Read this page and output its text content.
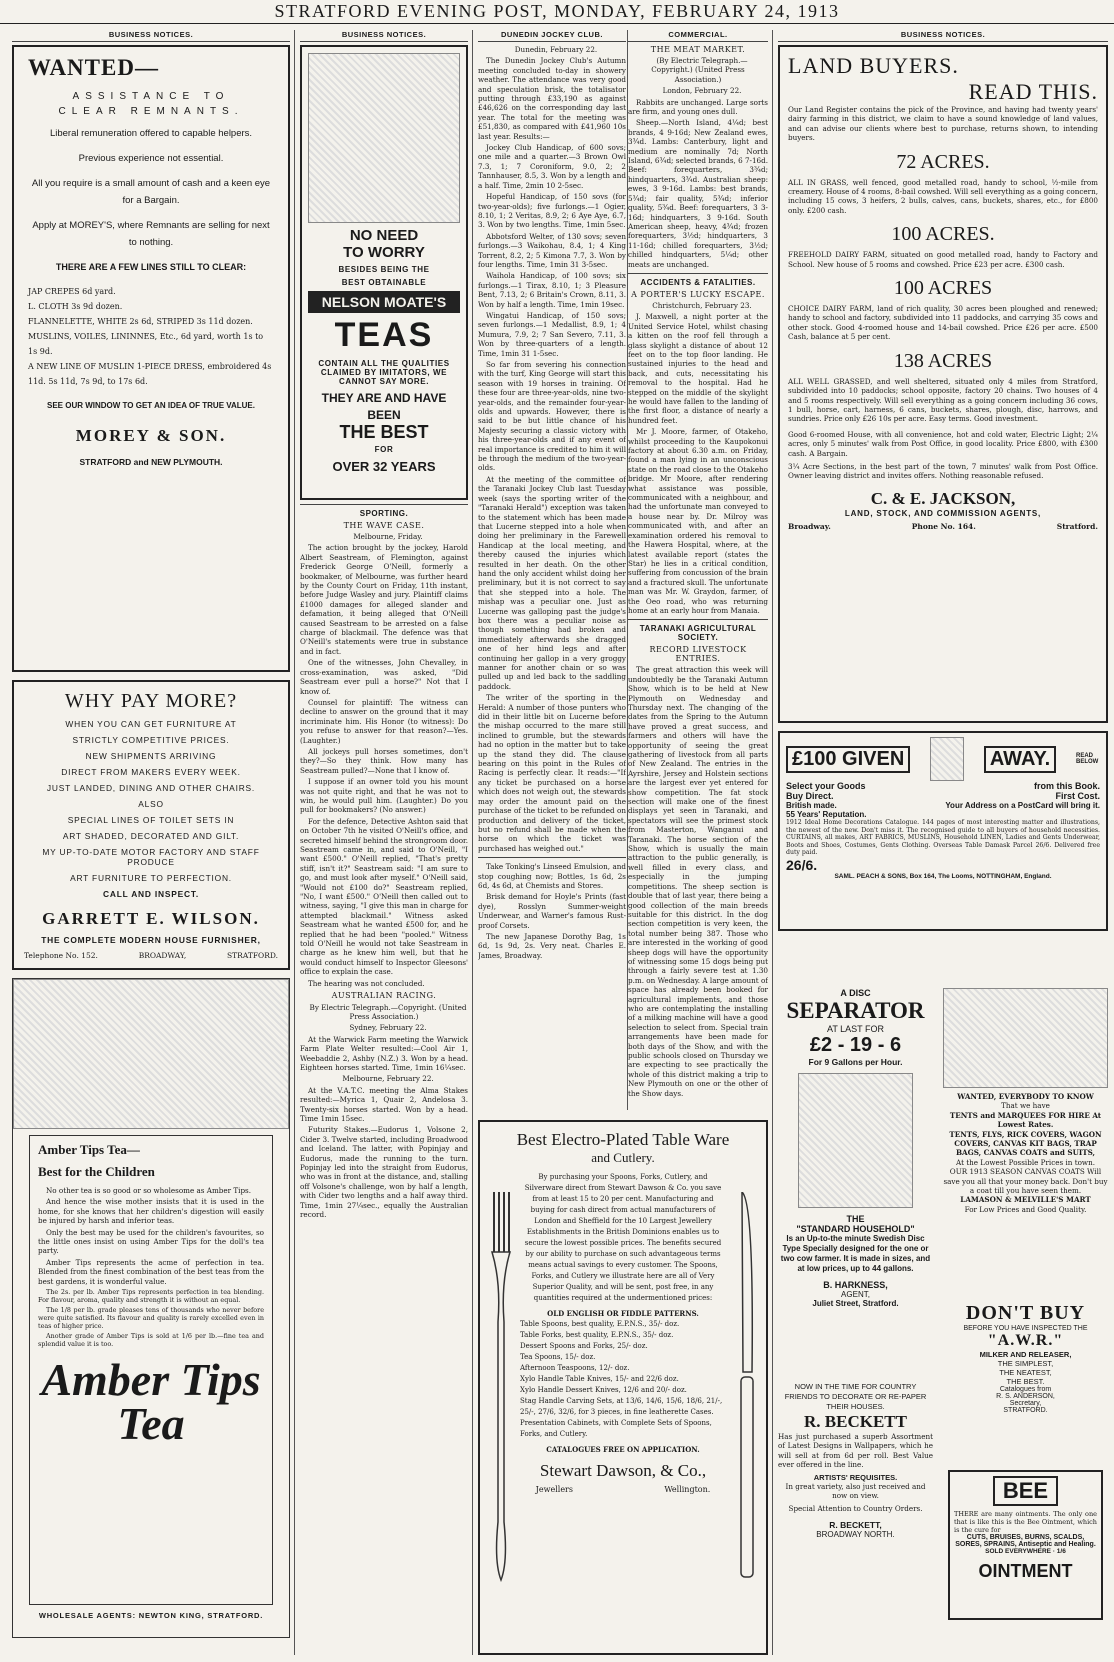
STRATFORD EVENING POST, MONDAY, FEBRUARY 24, 1913
BUSINESS NOTICES.
WANTED—
ASSISTANCE TO
CLEAR REMNANTS.
Liberal remuneration offered to capable helpers.
Previous experience not essential.
All you require is a small amount of cash and a keen eye for a Bargain.
Apply at MOREY'S, where Remnants are selling for next to nothing.
THERE ARE A FEW LINES STILL TO CLEAR:
JAP CREPES 6d yard.
L. CLOTH 3s 9d dozen.
FLANNELETTE, WHITE 2s 6d, STRIPED 3s 11d dozen.
MUSLINS, VOILES, LININNES, Etc., 6d yard, worth 1s to 1s 9d.
A NEW LINE OF MUSLIN 1-PIECE DRESS, embroidered 4s 11d. 5s 11d, 7s 9d, to 17s 6d.
SEE OUR WINDOW TO GET AN IDEA OF TRUE VALUE.
MOREY & SON.
STRATFORD and NEW PLYMOUTH.
WHY PAY MORE?
WHEN YOU CAN GET FURNITURE AT
STRICTLY COMPETITIVE PRICES.
NEW SHIPMENTS ARRIVING
DIRECT FROM MAKERS EVERY WEEK.
JUST LANDED, DINING AND OTHER CHAIRS.
ALSO
SPECIAL LINES OF TOILET SETS IN
ART SHADED, DECORATED AND GILT.
MY UP-TO-DATE MOTOR FACTORY AND STAFF PRODUCE
ART FURNITURE TO PERFECTION.
CALL AND INSPECT.
GARRETT E. WILSON.
THE COMPLETE MODERN HOUSE FURNISHER,
Telephone No. 152.	BROADWAY,	STRATFORD.
Amber Tips Tea—
Best for the Children

No other tea is so good or so wholesome as Amber Tips.

And hence the wise mother insists that it is used in the home, for she knows that her children's digestion will easily be injured by harsh and inferior teas.

Only the best may be used for the children's favourites, so the little ones insist on using Amber Tips for the doll's tea party.

Amber Tips represents the acme of perfection in tea. Blended from the finest combination of the best teas from the best gardens, it is wonderful value.

The 2s. per lb. Amber Tips represents perfection in tea blending. For flavour, aroma, quality and strength it is without an equal.

The 1/8 per lb. grade pleases tens of thousands who never before were quite satisfied. Its flavour and quality is rarely excelled even in teas of higher price.

Another grade of Amber Tips is sold at 1/6 per lb.—fine tea and splendid value it is too.

Amber Tips Tea
WHOLESALE AGENTS: NEWTON KING, STRATFORD.
BUSINESS NOTICES.
NO NEED
TO WORRY
BESIDES BEING THE
BEST OBTAINABLE
NELSON MOATE'S
TEAS
CONTAIN ALL THE QUALITIES CLAIMED BY IMITATORS, WE CANNOT SAY MORE.
THEY ARE AND HAVE BEEN
THE BEST
FOR
OVER 32 YEARS
SPORTING.
THE WAVE CASE.

Melbourne, Friday.

The action brought by the jockey, Harold Albert Seastream, of Flemington, against Frederick George O'Neill, formerly a bookmaker, of Melbourne, was further heard by the County Court on Friday, 11th instant, before Judge Wasley and jury. Plaintiff claims £1000 damages for alleged slander and defamation, it being alleged that O'Neill caused Seastream to be arrested on a false charge of blackmail. The defence was that O'Neill's statements were true in substance and in fact.

One of the witnesses, John Chevalley, in cross-examination, was asked, "Did Seastream ever pull a horse?" Not that I know of.

Counsel for plaintiff: The witness can decline to answer on the ground that it may incriminate him. His Honor (to witness): Do you refuse to answer for that reason?—Yes. (Laughter.)

All jockeys pull horses sometimes, don't they?—So they think. How many has Seastream pulled?—None that I know of.

I suppose if an owner told you his mount was not quite right, and that he was not to win, he would pull him. (Laughter.) Do you pull for bookmakers? (No answer.)

For the defence, Detective Ashton said that on October 7th he visited O'Neill's office, and secreted himself behind the strongroom door. Seastream came in, and said to O'Neill, "I want £500." O'Neill replied, "That's pretty stiff, isn't it?" Seastream said: "I am sure to go, and must look after myself." O'Neill said, "Would not £100 do?" Seastream replied, "No, I want £500." O'Neill then called out to witness, saying, "I give this man in charge for attempted blackmail." Witness asked Seastream what he wanted £500 for, and he replied that he had been "pooled." Witness told O'Neill he would not take Seastream in charge as he knew him well, but that he would conduct himself to Inspector Gleesons' office to explain the case.

The hearing was not concluded.

AUSTRALIAN RACING.

By Electric Telegraph.—Copyright. (United Press Association.)

Sydney, February 22.

At the Warwick Farm meeting the Warwick Farm Plate Welter resulted:—Cool Air 1, Weebaddie 2, Ashby (N.Z.) 3. Won by a head. Eighteen horses started. Time, 1min 16¼sec.

Melbourne, February 22.

At the V.A.T.C. meeting the Alma Stakes resulted:—Myrica 1, Quair 2, Andelosa 3. Twenty-six horses started. Won by a head. Time 1min 15sec.

Futurity Stakes.—Eudorus 1, Volsone 2, Cider 3. Twelve started, including Broadwood and Iceland. The latter, with Popinjay and Eudorus, made the running to the turn. Popinjay led into the straight from Eudorus, who was in front at the distance, and, stalling off Volsone's challenge, won by half a length, with Cider two lengths and a half away third. Time, 1min 27¼sec., equally the Australian record.

DUNEDIN JOCKEY CLUB.

Dunedin, February 22.

The Dunedin Jockey Club's Autumn meeting concluded to-day in showery weather. The attendance was very good and speculation brisk, the totalisator putting through £33,190 as against £46,626 on the corresponding day last year. The total for the meeting was £51,830, as compared with £41,960 10s last year. Results:—

Jockey Club Handicap, of 600 sovs; one mile and a quarter.—3 Brown Owl 7.3, 1; 7 Coroniform, 9.0, 2; 2 Tannhauser, 8.5, 3. Won by a length and a half. Time, 2min 10 2-5sec.

Hopeful Handicap, of 150 sovs (for two-year-olds); five furlongs.—1 Ogier, 8.10, 1; 2 Veritas, 8.9, 2; 6 Aye Aye, 6.7, 3. Won by two lengths. Time, 1min 5sec.

Abbotsford Welter, of 130 sovs; seven furlongs.—3 Waikohau, 8.4, 1; 4 King Torrent, 8.2, 2; 5 Kimona 7.7, 3. Won by four lengths. Time, 1min 31 3-5sec.

Waihola Handicap, of 100 sovs; six furlongs.—1 Tirax, 8.10, 1; 3 Pleasure Bent, 7.13, 2; 6 Britain's Crown, 8.11, 3. Won by half a length. Time, 1min 19sec.

Wingatui Handicap, of 150 sovs; seven furlongs.—1 Medallist, 8.9, 1; 4 Mumura, 7.9, 2; 7 San Severo, 7.11, 3. Won by three-quarters of a length. Time, 1min 31 1-5sec.

So far from severing his connection with the turf, King George will start this season with 19 horses in training. Of these four are three-year-olds, nine two-year-olds, and the remainder four-year-olds and upwards. However, there is said to be but little chance of his Majesty securing a classic victory with his three-year-olds and if any event of real importance is credited to him it will be through the medium of the two-year-olds.

At the meeting of the committee of the Taranaki Jockey Club last Tuesday week (says the sporting writer of the "Taranaki Herald") exception was taken to the statement which has been made that Lucerne stepped into a hole when doing her preliminary in the Farewell Handicap at the local meeting, and thereby caused the injuries which resulted in her death. On the other hand the only accident whilst doing her preliminary, but it is not correct to say that she stepped into a hole. The mishap was a peculiar one. Just as Lucerne was galloping past the judge's box there was a peculiar noise as though something had broken and immediately afterwards she dragged one of her hind legs and after continuing her gallop in a very groggy manner for another chain or so was pulled up and led back to the saddling paddock.

The writer of the sporting in the Herald: A number of those punters who did in their little bit on Lucerne before the mishap occurred to the mare still inclined to grumble, but the stewards had no option in the matter but to take up the stand they did. The clause bearing on this point in the Rules of Racing is perfectly clear. It reads:—"If any ticket be purchased on a horse which does not weigh out, the stewards may order the amount paid on the purchase of the ticket to be refunded on production and delivery of the ticket, but no refund shall be made when the horse on which the ticket was purchased has weighed out."

Take Tonking's Linseed Emulsion, and stop coughing now; Bottles, 1s 6d, 2s 6d, 4s 6d, at Chemists and Stores.

Brisk demand for Hoyle's Prints (fast dye), Rosslyn Summer-weight Underwear, and Warner's famous Rust-proof Corsets.

The new Japanese Dorothy Bag, 1s 6d, 1s 9d, 2s. Very neat. Charles E. James, Broadway.

COMMERCIAL.
THE MEAT MARKET.

(By Electric Telegraph.—Copyright.) (United Press Association.)

London, February 22.

Rabbits are unchanged. Large sorts are firm, and young ones dull.

Sheep.—North Island, 4¼d; best brands, 4 9-16d; New Zealand ewes, 3¾d. Lambs: Canterbury, light and medium are nominally 7d; North Island, 6¾d; selected brands, 6 7-16d. Beef: forequarters, 3¾d; hindquarters, 3¾d. Australian sheep: ewes, 3 9-16d. Lambs: best brands, 5¾d; fair quality, 5¾d; inferior quality, 5¾d. Beef: forequarters, 3 3-16d; hindquarters, 3 9-16d. South American sheep, heavy, 4¾d; frozen forequarters, 3½d; hindquarters, 3 11-16d; chilled forequarters, 3½d; chilled hindquarters, 5¼d; other meats are unchanged.

ACCIDENTS & FATALITIES.
A PORTER'S LUCKY ESCAPE.

Christchurch, February 23.

J. Maxwell, a night porter at the United Service Hotel, whilst chasing a kitten on the roof fell through a glass skylight a distance of about 12 feet on to the top floor landing. He sustained injuries to the head and back, and cuts, necessitating his removal to the hospital. Had he stepped on the middle of the skylight he would have fallen to the landing of the first floor, a distance of nearly a hundred feet.

Mr J. Moore, farmer, of Otakeho, whilst proceeding to the Kaupokonui factory at about 6.30 a.m. on Friday, found a man lying in an unconscious state on the road close to the Otakeho bridge. Mr Moore, after rendering what assistance was possible, communicated with a neighbour, and had the unfortunate man conveyed to a house near by. Dr. Milroy was communicated with, and after an examination ordered his removal to the Hawera Hospital, where, at the latest available report (states the Star) he lies in a critical condition, suffering from concussion of the brain and a fractured skull. The unfortunate man was Mr. W. Graydon, farmer, of the Oeo road, who was returning home at an early hour from Manaia.

TARANAKI AGRICULTURAL SOCIETY.
RECORD LIVESTOCK ENTRIES.

The great attraction this week will undoubtedly be the Taranaki Autumn Show, which is to be held at New Plymouth on Wednesday and Thursday next. The changing of the dates from the Spring to the Autumn have proved a great success, and farmers and others will have the opportunity of seeing the great gathering of livestock from all parts of New Zealand. The entries in the Ayrshire, Jersey and Holstein sections are the largest ever yet entered for show competition. The fat stock section will make one of the finest displays yet seen in Taranaki, and spectators will see the primest stock from Masterton, Wanganui and Taranaki. The horse section of the Show, which is usually the main attraction to the public generally, is well filled in every class, and especially in the jumping competitions. The sheep section is double that of last year, there being a good collection of the main breeds suitable for this district. In the dog section competition is very keen, the total number being 387. Those who are interested in the working of good sheep dogs will have the opportunity of witnessing some 15 dogs being put through a fairly severe test at 1.30 p.m. on Wednesday. A large amount of space has already been booked for agricultural implements, and those who are contemplating the installing of a milking machine will have a good selection to select from. Special train arrangements have been made for both days of the Show, and with the public schools closed on Thursday we are expecting to see practically the whole of this district making a trip to New Plymouth on one or the other of the Show days.

Best Electro-Plated Table Ware
and Cutlery.
By purchasing your Spoons, Forks, Cutlery, and Silverware direct from Stewart Dawson & Co. you save from at least 15 to 20 per cent. Manufacturing and buying for cash direct from actual manufacturers of London and Sheffield for the 10 Largest Jewellery Establishments in the British Dominions enables us to secure the lowest possible prices. The benefits secured by our ability to purchase on such advantageous terms means actual savings to every customer. The Spoons, Forks, and Cutlery we illustrate here are all of Very Superior Quality, and will be sent, post free, in any quantities required at the undermentioned prices:
OLD ENGLISH OR FIDDLE PATTERNS.
Table Spoons, best quality, E.P.N.S., 35/- doz.
Table Forks, best quality, E.P.N.S., 35/- doz.
Dessert Spoons and Forks, 25/- doz.
Tea Spoons, 15/- doz.
Afternoon Teaspoons, 12/- doz.
Xylo Handle Table Knives, 15/- and 22/6 doz.
Xylo Handle Dessert Knives, 12/6 and 20/- doz.
Stag Handle Carving Sets, at 13/6, 14/6, 15/6, 18/6, 21/-, 25/-, 27/6, 32/6, for 3 pieces, in fine leatherette Cases.
Presentation Cabinets, with Complete Sets of Spoons, Forks, and Cutlery.
CATALOGUES FREE ON APPLICATION.
Stewart Dawson, & Co.,
Jewellers	Wellington.
BUSINESS NOTICES.
LAND BUYERS.
READ THIS.
Our Land Register contains the pick of the Province, and having had twenty years' dairy farming in this district, we claim to have a sound knowledge of land values, and can advise our clients where best to purchase, returns shown, to intending buyers.
72 ACRES.
ALL IN GRASS, well fenced, good metalled road, handy to school, ½-mile from creamery. House of 4 rooms, 8-bail cowshed. Will sell everything as a going concern, including 15 cows, 3 heifers, 2 bulls, calves, cans, buckets, shares, etc., for £800 only. £200 cash.
100 ACRES.
FREEHOLD DAIRY FARM, situated on good metalled road, handy to Factory and School. New house of 5 rooms and cowshed. Price £23 per acre. £300 cash.
100 ACRES
CHOICE DAIRY FARM, land of rich quality, 30 acres been ploughed and renewed; handy to school and factory, subdivided into 11 paddocks, and carrying 35 cows and other stock. Good 4-roomed house and 14-bail cowshed. Price £26 per acre. £500 Cash, balance at 5 per cent.
138 ACRES
ALL WELL GRASSED, and well sheltered, situated only 4 miles from Stratford, subdivided into 10 paddocks; school opposite, factory 20 chains. Two houses of 4 and 5 rooms respectively. Will sell everything as a going concern including 36 cows, 1 bull, horse, cart, harness, 6 cans, buckets, shares, plough, disc, harrows, and sundries. Price only £26 10s per acre. Easy terms. Good investment.
Good 6-roomed House, with all convenience, hot and cold water, Electric Light; 2¼ acres, only 5 minutes' walk from Post Office, in good locality. Price £800, with £300 cash. A Bargain.
3¼ Acre Sections, in the best part of the town, 7 minutes' walk from Post Office. Owner leaving district and invites offers. Nothing reasonable refused.
C. & E. JACKSON,
LAND, STOCK, AND COMMISSION AGENTS,
Broadway.	Phone No. 164.	Stratford.
£100 GIVEN	AWAY.	READ BELOW
Select your Goods	from this Book.
Buy Direct.	First Cost.
British made.	Your Address on a PostCard will bring it.
55 Years' Reputation.
1912 Ideal Home Decorations Catalogue. 144 pages of most interesting matter and illustrations, the newest of the new. Don't miss it. The recognised guide to all buyers of household necessities. CURTAINS, all makes, ART FABRICS, MUSLINS, Household LINEN, Ladies and Gents Underwear, Boots and Shoes, Costumes, Gents Clothing. Overseas Table Damask Parcel 26/6. Delivered free duty paid.
26/6.
SAML. PEACH & SONS, Box 164, The Looms, NOTTINGHAM, England.
A DISC
SEPARATOR
AT LAST FOR
£2 - 19 - 6
For 9 Gallons per Hour.
THE
"STANDARD HOUSEHOLD"
Is an Up-to-the minute Swedish Disc Type Specially designed for the one or two cow farmer. It is made in sizes, and at low prices, up to 44 gallons.
B. HARKNESS,
AGENT,
Juliet Street, Stratford.
WANTED, EVERYBODY TO KNOW
That we have
TENTS and MARQUEES FOR HIRE At Lowest Rates.
TENTS, FLYS, RICK COVERS, WAGON COVERS, CANVAS KIT BAGS, TRAP BAGS, CANVAS COATS and SUITS,
At the Lowest Possible Prices in town.
OUR 1913 SEASON CANVAS COATS Will save you all that your money back. Don't buy a coat till you have seen them.
LAMASON & MELVILLE'S MART
For Low Prices and Good Quality.
DON'T BUY
BEFORE YOU HAVE INSPECTED THE
"A.W.R."
MILKER AND RELEASER,
THE SIMPLEST,
THE NEATEST,
THE BEST.
Catalogues from
R. S. ANDERSON,
Secretary,
STRATFORD.
NOW IN THE TIME FOR COUNTRY FRIENDS TO DECORATE OR RE-PAPER THEIR HOUSES.
R. BECKETT
Has just purchased a superb Assortment of Latest Designs in Wallpapers, which he will sell at from 6d per roll. Best Value ever offered in the line.
ARTISTS' REQUISITES.
In great variety, also just received and now on view.
Special Attention to Country Orders.
R. BECKETT,
BROADWAY NORTH.
BEE
THERE are many ointments. The only one that is like this is the Bee Ointment, which is the cure for
CUTS, BRUISES, BURNS, SCALDS, SORES, SPRAINS, Antiseptic and Healing.
SOLD EVERYWHERE · 1/6
OINTMENT
